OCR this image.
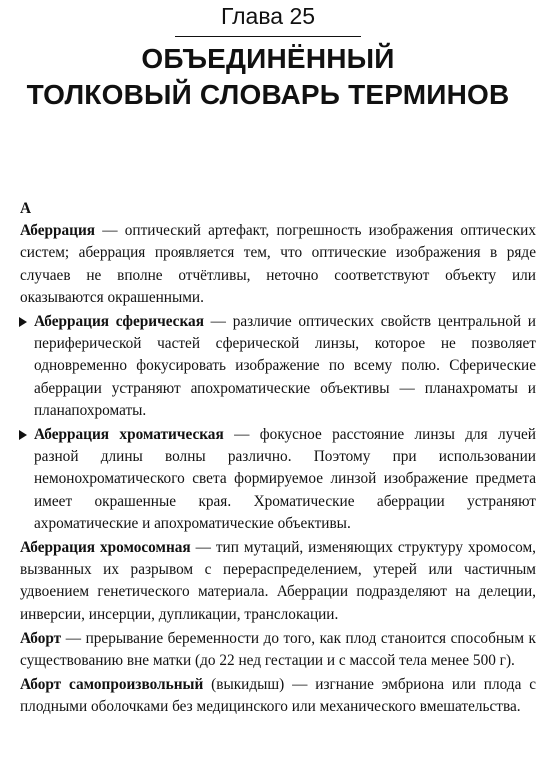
Глава 25
ОБЪЕДИНЁННЫЙ
ТОЛКОВЫЙ СЛОВАРЬ ТЕРМИНОВ

А

Аберрация — оптический артефакт, погрешность изображения оптических систем; аберрация проявляется тем, что оптические изображения в ряде случаев не вполне отчётливы, неточно соответствуют объекту или оказываются окрашенными.

Аберрация сферическая — различие оптических свойств центральной и периферической частей сферической линзы, которое не позволяет одновременно фокусировать изображение по всему полю. Сферические аберрации устраняют апохроматические объективы — планахроматы и планапохроматы.

Аберрация хроматическая — фокусное расстояние линзы для лучей разной длины волны различно. Поэтому при использовании немонохроматического света формируемое линзой изображение предмета имеет окрашенные края. Хроматические аберрации устраняют ахроматические и апохроматические объективы.

Аберрация хромосомная — тип мутаций, изменяющих структуру хромосом, вызванных их разрывом с перераспределением, утерей или частичным удвоением генетического материала. Аберрации подразделяют на делеции, инверсии, инсерции, дупликации, транслокации.

Аборт — прерывание беременности до того, как плод станоится способным к существованию вне матки (до 22 нед гестации и с массой тела менее 500 г).

Аборт самопроизвольный (выкидыш) — изгнание эмбриона или плода с плодными оболочками без медицинского или механического вмешательства.
